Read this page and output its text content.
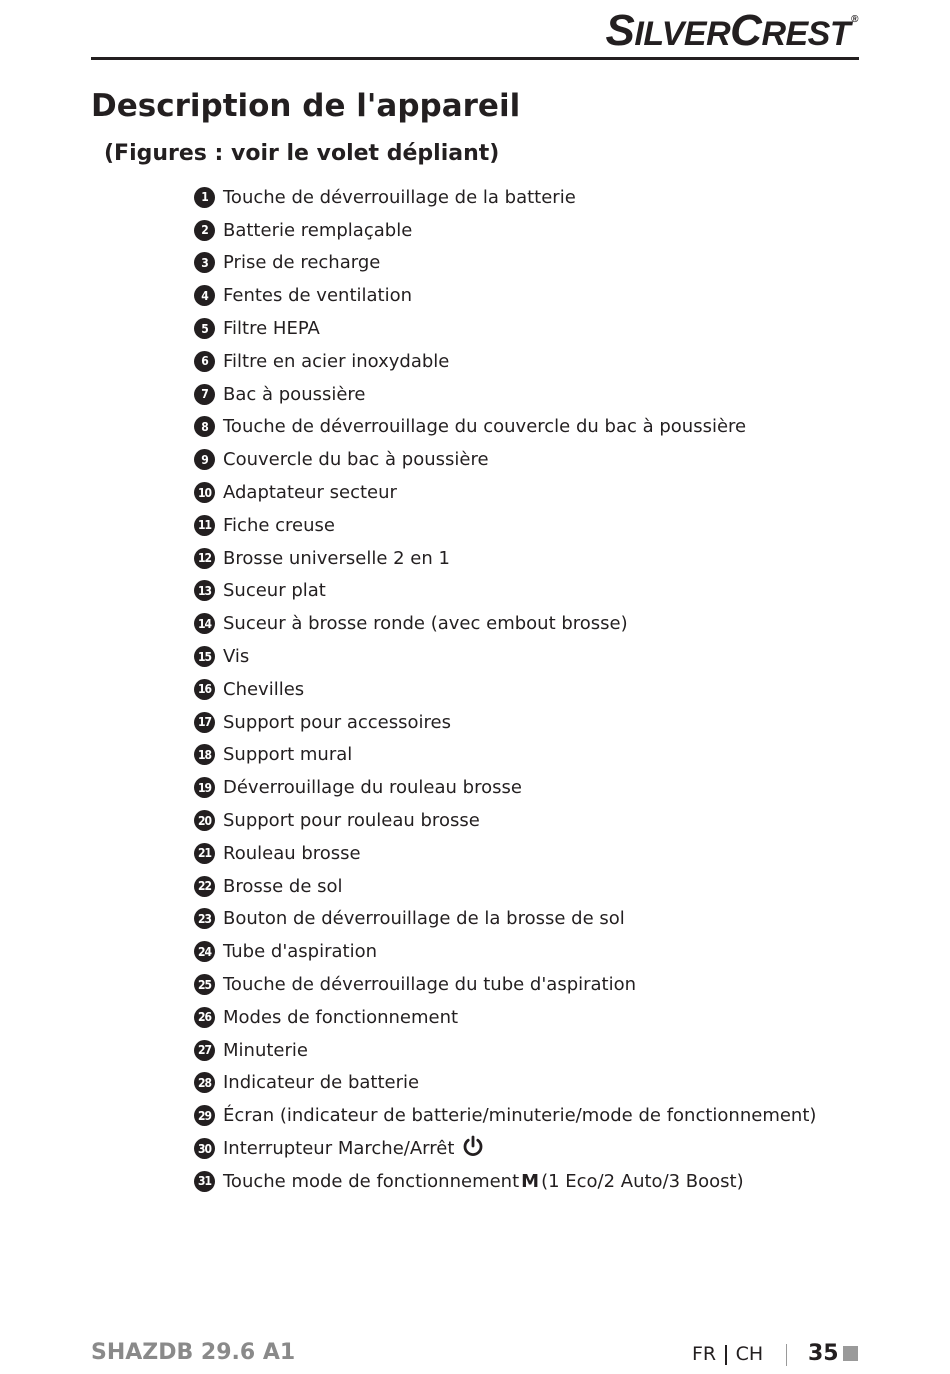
SILVERCREST®
Description de l'appareil
(Figures : voir le volet dépliant)
1 Touche de déverrouillage de la batterie
2 Batterie remplaçable
3 Prise de recharge
4 Fentes de ventilation
5 Filtre HEPA
6 Filtre en acier inoxydable
7 Bac à poussière
8 Touche de déverrouillage du couvercle du bac à poussière
9 Couvercle du bac à poussière
10 Adaptateur secteur
11 Fiche creuse
12 Brosse universelle 2 en 1
13 Suceur plat
14 Suceur à brosse ronde (avec embout brosse)
15 Vis
16 Chevilles
17 Support pour accessoires
18 Support mural
19 Déverrouillage du rouleau brosse
20 Support pour rouleau brosse
21 Rouleau brosse
22 Brosse de sol
23 Bouton de déverrouillage de la brosse de sol
24 Tube d'aspiration
25 Touche de déverrouillage du tube d'aspiration
26 Modes de fonctionnement
27 Minuterie
28 Indicateur de batterie
29 Écran (indicateur de batterie/minuterie/mode de fonctionnement)
30 Interrupteur Marche/Arrêt
31 Touche mode de fonctionnement M (1 Eco/2 Auto/3 Boost)
SHAZDB 29.6 A1	FR CH 35
